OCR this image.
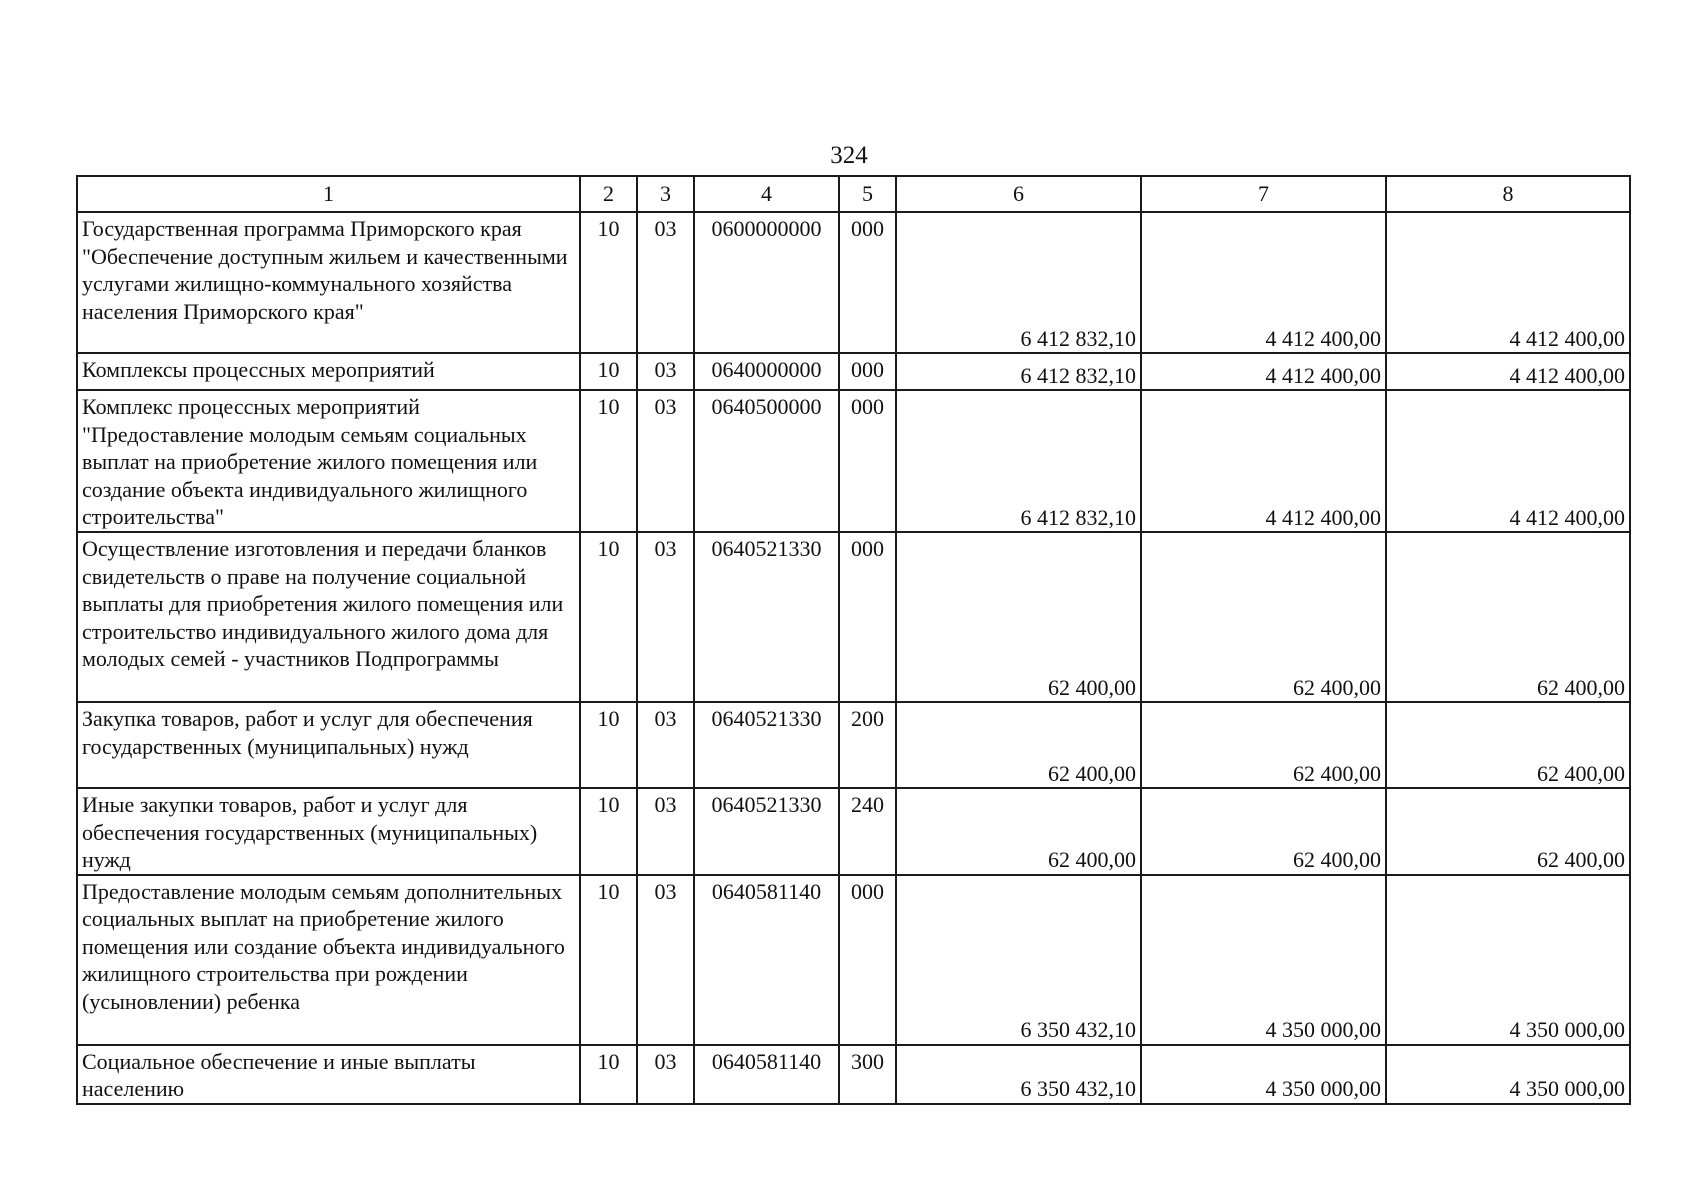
324
1	2	3	4	5	6	7	8
Государственная программа Приморского края "Обеспечение доступным жильем и качественными услугами жилищно-коммунального хозяйства населения Приморского края"	10	03	0600000000	000	6 412 832,10	4 412 400,00	4 412 400,00
Комплексы процессных мероприятий	10	03	0640000000	000	6 412 832,10	4 412 400,00	4 412 400,00
Комплекс процессных мероприятий "Предоставление молодым семьям социальных выплат на приобретение жилого помещения или создание объекта индивидуального жилищного строительства"	10	03	0640500000	000	6 412 832,10	4 412 400,00	4 412 400,00
Осуществление изготовления и передачи бланков свидетельств о праве на получение социальной выплаты для приобретения жилого помещения или строительство индивидуального жилого дома для молодых семей - участников Подпрограммы	10	03	0640521330	000	62 400,00	62 400,00	62 400,00
Закупка товаров, работ и услуг для обеспечения государственных (муниципальных) нужд	10	03	0640521330	200	62 400,00	62 400,00	62 400,00
Иные закупки товаров, работ и услуг для обеспечения государственных (муниципальных) нужд	10	03	0640521330	240	62 400,00	62 400,00	62 400,00
Предоставление молодым семьям дополнительных социальных выплат на приобретение жилого помещения или создание объекта индивидуального жилищного строительства при рождении (усыновлении) ребенка	10	03	0640581140	000	6 350 432,10	4 350 000,00	4 350 000,00
Социальное обеспечение и иные выплаты населению	10	03	0640581140	300	6 350 432,10	4 350 000,00	4 350 000,00
